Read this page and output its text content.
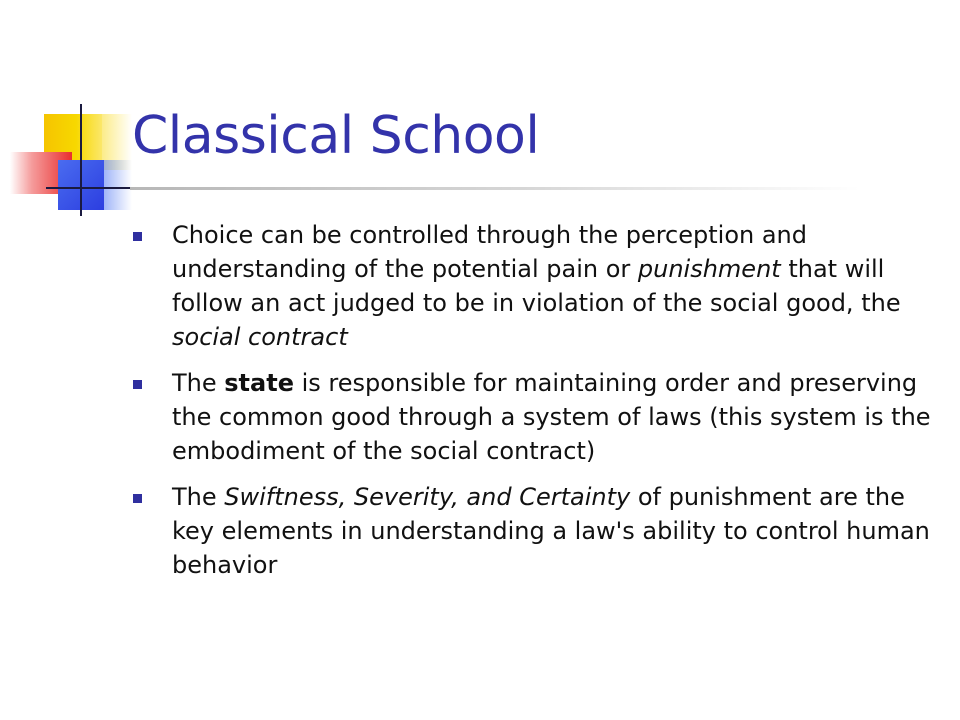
Classical School
Choice can be controlled through the perception and understanding of the potential pain or punishment that will follow an act judged to be in violation of the social good, the social contract
The state is responsible for maintaining order and preserving the common good through a system of laws (this system is the embodiment of the social contract)
The Swiftness, Severity, and Certainty of punishment are the key elements in understanding a law's ability to control human behavior
